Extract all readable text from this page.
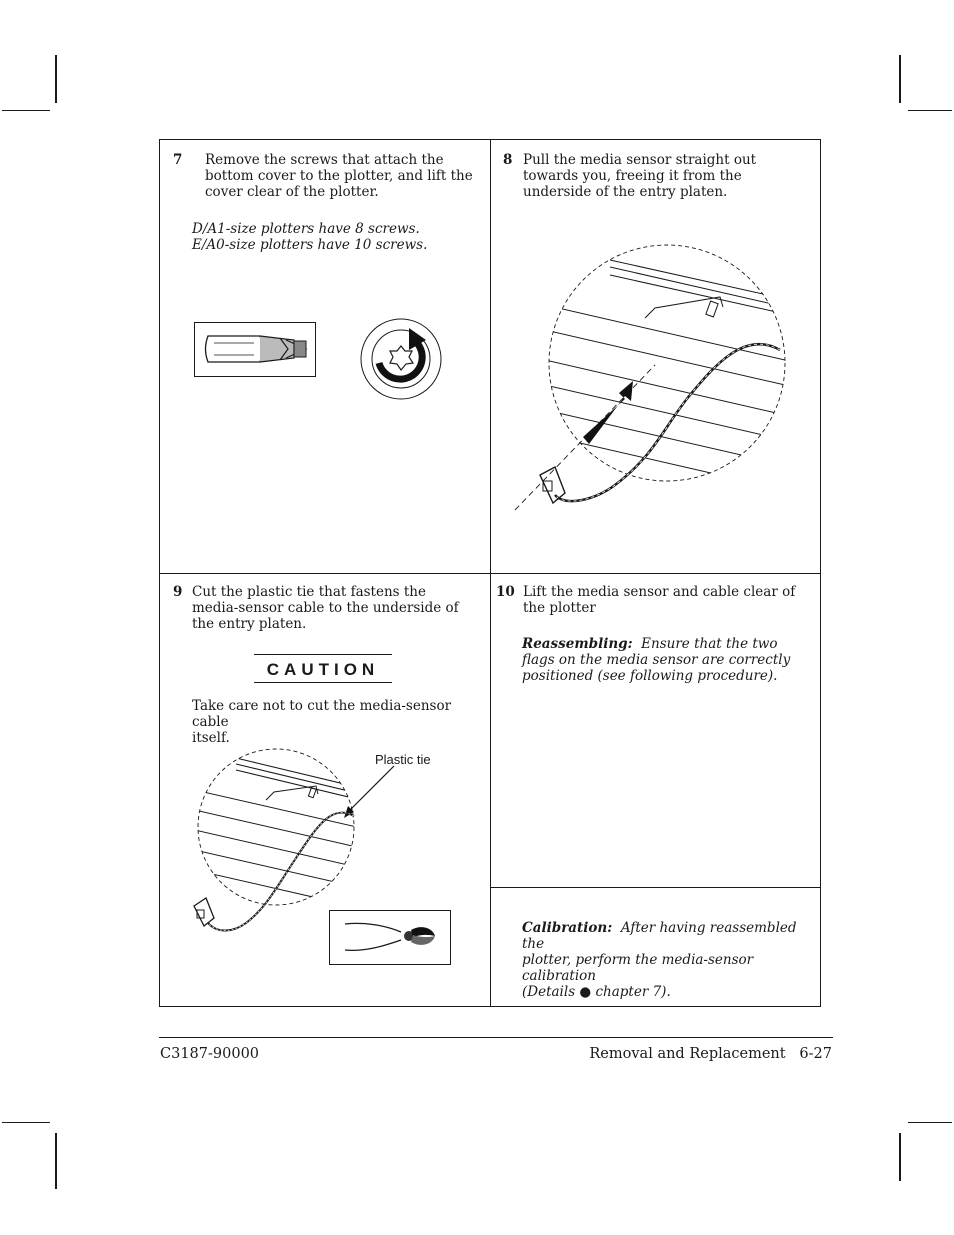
7 Remove the screws that attach the
bottom cover to the plotter, and lift the
cover clear of the plotter.
D/A1-size plotters have 8 screws.
E/A0-size plotters have 10 screws.
8 Pull the media sensor straight out
towards you, freeing it from the
underside of the entry platen.
9 Cut the plastic tie that fastens the
media-sensor cable to the underside of
the entry platen.
CAUTION
Take care not to cut the media-sensor cable
itself.
Plastic tie
10 Lift the media sensor and cable clear of
the plotter
Reassembling: Ensure that the two
flags on the media sensor are correctly
positioned (see following procedure).
Calibration: After having reassembled the
plotter, perform the media-sensor calibration
(Details ● chapter 7).
C3187-90000	Removal and Replacement   6-27
